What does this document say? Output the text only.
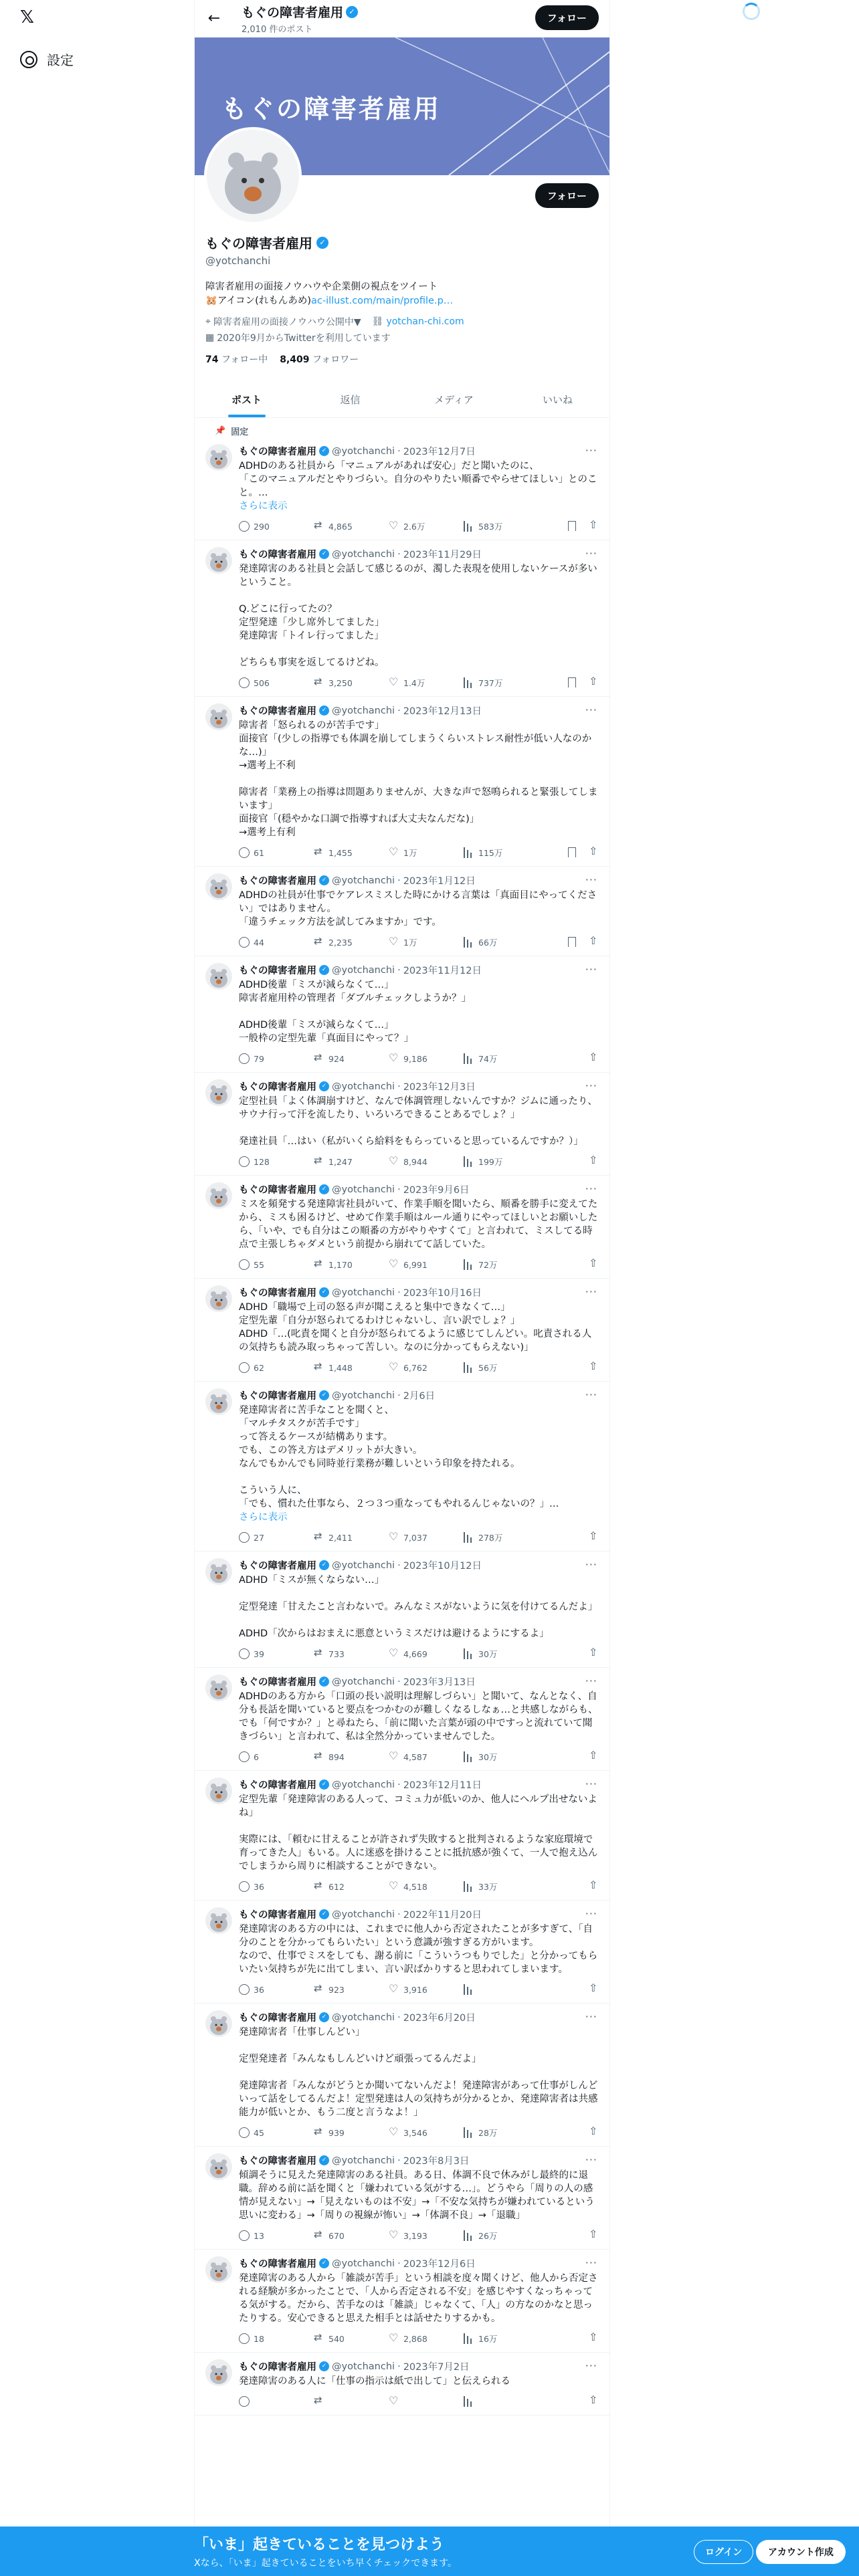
𝕏
設定
←	もぐの障害者雇用 ✓
2,010 件のポスト
フォロー
もぐの障害者雇用
フォロー
もぐの障害者雇用 ✓
@yotchanchi
障害者雇用の面接ノウハウや企業側の視点をツイート
🐹アイコン(れもんあめ)ac-illust.com/main/profile.p…
⌖ 障害者雇用の面接ノウハウ公開中▼ ⛓ yotchan-chi.com
▦ 2020年9月からTwitterを利用しています
74 フォロー中 8,409 フォロワー
ポスト	返信	メディア	いいね
📌 固定
もぐの障害者雇用 ✓ @yotchanchi · 2023年12月7日
ADHDのある社員から「マニュアルがあれば安心」だと聞いたのに、
「このマニュアルだとやりづらい。自分のやりたい順番でやらせてほしい」とのこと。…
さらに表示
290 ⇄	4,865 ♡	2.6万	583万
⇧
···
もぐの障害者雇用 ✓ @yotchanchi · 2023年11月29日
発達障害のある社員と会話して感じるのが、濁した表現を使用しないケースが多いということ。

Q.どこに行ってたの？
定型発達「少し席外してました」
発達障害「トイレ行ってました」

どちらも事実を返してるけどね。
506 ⇄	3,250 ♡	1.4万	737万
⇧
···
もぐの障害者雇用 ✓ @yotchanchi · 2023年12月13日
障害者「怒られるのが苦手です」
面接官「(少しの指導でも体調を崩してしまうくらいストレス耐性が低い人なのかな…)」
→選考上不利

障害者「業務上の指導は問題ありませんが、大きな声で怒鳴られると緊張してしまいます」
面接官「(穏やかな口調で指導すれば大丈夫なんだな)」
→選考上有利
61 ⇄	1,455 ♡	1万	115万
⇧
···
もぐの障害者雇用 ✓ @yotchanchi · 2023年1月12日
ADHDの社員が仕事でケアレスミスした時にかける言葉は「真面目にやってください」ではありません。
「違うチェック方法を試してみますか」です。
44 ⇄	2,235 ♡	1万	66万
⇧
···
もぐの障害者雇用 ✓ @yotchanchi · 2023年11月12日
ADHD後輩「ミスが減らなくて…」
障害者雇用枠の管理者「ダブルチェックしようか？」

ADHD後輩「ミスが減らなくて…」
一般枠の定型先輩「真面目にやって？」
79 ⇄	924 ♡	9,186	74万
⇧
···
もぐの障害者雇用 ✓ @yotchanchi · 2023年12月3日
定型社員「よく体調崩すけど、なんで体調管理しないんですか？ジムに通ったり、サウナ行って汗を流したり、いろいろできることあるでしょ？」

発達社員「…はい（私がいくら給料をもらっていると思っているんですか？）」
128 ⇄	1,247 ♡	8,944	199万
⇧
···
もぐの障害者雇用 ✓ @yotchanchi · 2023年9月6日
ミスを頻発する発達障害社員がいて、作業手順を聞いたら、順番を勝手に変えてたから、ミスも困るけど、せめて作業手順はルール通りにやってほしいとお願いしたら、「いや、でも自分はこの順番の方がやりやすくて」と言われて、ミスしてる時点で主張しちゃダメという前提から崩れてて話していた。
55 ⇄	1,170 ♡	6,991	72万
⇧
···
もぐの障害者雇用 ✓ @yotchanchi · 2023年10月16日
ADHD「職場で上司の怒る声が聞こえると集中できなくて…」
定型先輩「自分が怒られてるわけじゃないし、言い訳でしょ？」
ADHD「…(叱責を聞くと自分が怒られてるように感じてしんどい。叱責される人の気持ちも読み取っちゃって苦しい。なのに分かってもらえない)」
62 ⇄	1,448 ♡	6,762	56万
⇧
···
もぐの障害者雇用 ✓ @yotchanchi · 2月6日
発達障害者に苦手なことを聞くと、
「マルチタスクが苦手です」
って答えるケースが結構あります。
でも、この答え方はデメリットが大きい。
なんでもかんでも同時並行業務が難しいという印象を持たれる。

こういう人に、
「でも、慣れた仕事なら、２つ３つ重なってもやれるんじゃないの？」…
さらに表示
27 ⇄	2,411 ♡	7,037	278万
⇧
···
もぐの障害者雇用 ✓ @yotchanchi · 2023年10月12日
ADHD「ミスが無くならない…」

定型発達「甘えたこと言わないで。みんなミスがないように気を付けてるんだよ」

ADHD「次からはおまえに悪意というミスだけは避けるようにするよ」
39 ⇄	733 ♡	4,669	30万
⇧
···
もぐの障害者雇用 ✓ @yotchanchi · 2023年3月13日
ADHDのある方から「口頭の長い説明は理解しづらい」と聞いて、なんとなく、自分も長話を聞いていると要点をつかむのが難しくなるしなぁ…と共感しながらも、でも「何ですか？」と尋ねたら、「前に聞いた言葉が頭の中ですっと流れていて聞きづらい」と言われて、私は全然分かっていませんでした。
6 ⇄	894 ♡	4,587	30万
⇧
···
もぐの障害者雇用 ✓ @yotchanchi · 2023年12月11日
定型先輩「発達障害のある人って、コミュ力が低いのか、他人にヘルプ出せないよね」

実際には、「頼むに甘えることが許されず失敗すると批判されるような家庭環境で育ってきた人」もいる。人に迷惑を掛けることに抵抗感が強くて、一人で抱え込んでしまうから周りに相談することができない。
36 ⇄	612 ♡	4,518	33万
⇧
···
もぐの障害者雇用 ✓ @yotchanchi · 2022年11月20日
発達障害のある方の中には、これまでに他人から否定されたことが多すぎて、「自分のことを分かってもらいたい」という意識が強すぎる方がいます。
なので、仕事でミスをしても、謝る前に「こういうつもりでした」と分かってもらいたい気持ちが先に出てしまい、言い訳ばかりすると思われてしまいます。
36 ⇄	923 ♡	3,916
⇧
···
もぐの障害者雇用 ✓ @yotchanchi · 2023年6月20日
発達障害者「仕事しんどい」

定型発達者「みんなもしんどいけど頑張ってるんだよ」

発達障害者「みんながどうとか聞いてないんだよ！発達障害があって仕事がしんどいって話をしてるんだよ！定型発達は人の気持ちが分かるとか、発達障害者は共感能力が低いとか、もう二度と言うなよ！」
45 ⇄	939 ♡	3,546	28万
⇧
···
もぐの障害者雇用 ✓ @yotchanchi · 2023年8月3日
傾調そうに見えた発達障害のある社員。ある日、体調不良で休みがし最終的に退職。辞める前に話を聞くと「嫌われている気がする…」。どうやら「周りの人の感情が見えない」→「見えないものは不安」→「不安な気持ちが嫌われているという思いに変わる」→「周りの視線が怖い」→「体調不良」→「退職」
13 ⇄	670 ♡	3,193	26万
⇧
···
もぐの障害者雇用 ✓ @yotchanchi · 2023年12月6日
発達障害のある人から「雑談が苦手」という相談を度々聞くけど、他人から否定される経験が多かったことで、「人から否定される不安」を感じやすくなっちゃってる気がする。だから、苦手なのは「雑談」じゃなくて、「人」の方なのかなと思ったりする。安心できると思えた相手とは話せたりするかも。
18 ⇄	540 ♡	2,868	16万
⇧
···
もぐの障害者雇用 ✓ @yotchanchi · 2023年7月2日
発達障害のある人に「仕事の指示は紙で出して」と伝えられる
⇄
♡
⇧
···
「いま」起きていることを見つけよう
Xなら、「いま」起きていることをいち早くチェックできます。
ログイン	アカウント作成
